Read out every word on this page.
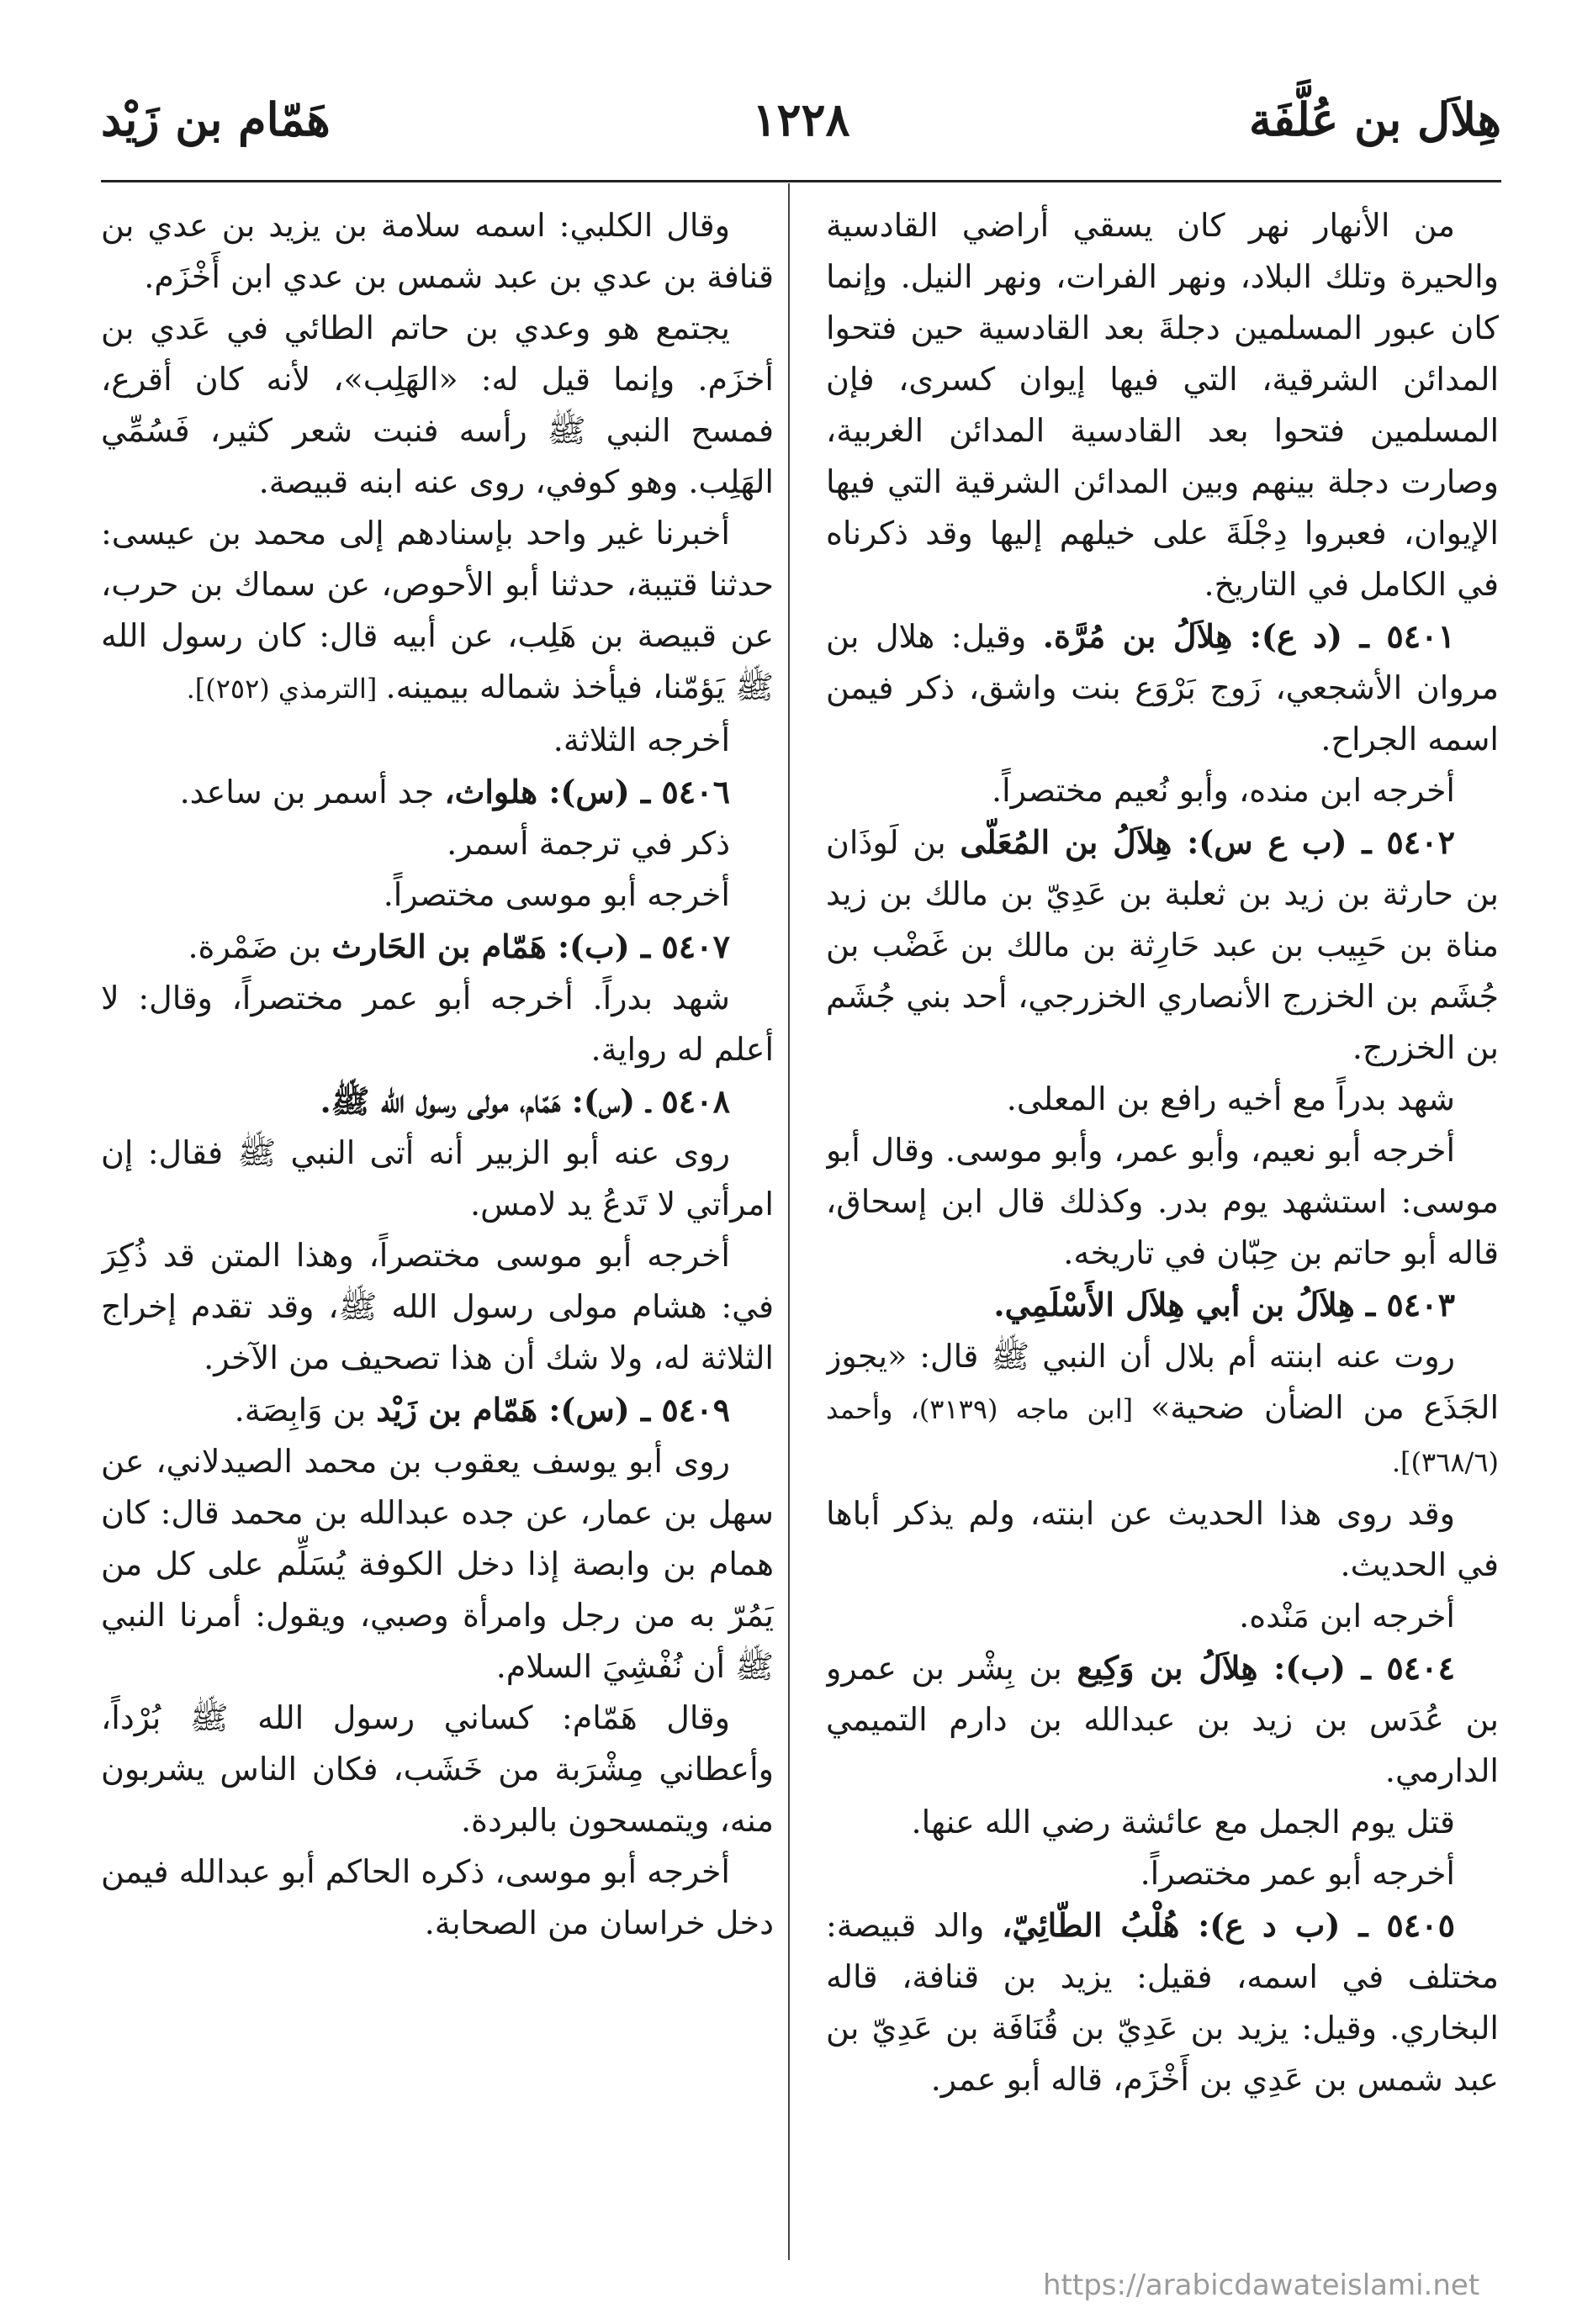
هِلاَل بن عُلَّفَة
١٢٢٨
هَمّام بن زَيْد

من الأنهار نهر كان يسقي أراضي القادسية والحيرة وتلك البلاد، ونهر الفرات، ونهر النيل. وإنما كان عبور المسلمين دجلةَ بعد القادسية حين فتحوا المدائن الشرقية، التي فيها إيوان كسرى، فإن المسلمين فتحوا بعد القادسية المدائن الغربية، وصارت دجلة بينهم وبين المدائن الشرقية التي فيها الإيوان، فعبروا دِجْلَةَ على خيلهم إليها وقد ذكرناه في الكامل في التاريخ.

٥٤٠١ ـ (د ع): هِلاَلُ بن مُرَّة. وقيل: هلال بن مروان الأشجعي، زَوج بَرْوَع بنت واشق، ذكر فيمن اسمه الجراح.

أخرجه ابن منده، وأبو نُعيم مختصراً.

٥٤٠٢ ـ (ب ع س): هِلاَلُ بن المُعَلّى بن لَوذَان بن حارثة بن زيد بن ثعلبة بن عَدِيّ بن مالك بن زيد مناة بن حَبِيب بن عبد حَارِثة بن مالك بن غَضْب بن جُشَم بن الخزرج الأنصاري الخزرجي، أحد بني جُشَم بن الخزرج.

شهد بدراً مع أخيه رافع بن المعلى.

أخرجه أبو نعيم، وأبو عمر، وأبو موسى. وقال أبو موسى: استشهد يوم بدر. وكذلك قال ابن إسحاق، قاله أبو حاتم بن حِبّان في تاريخه.

٥٤٠٣ ـ هِلاَلُ بن أبي هِلاَل الأَسْلَمِي.

روت عنه ابنته أم بلال أن النبي ﷺ قال: «يجوز الجَذَع من الضأن ضحية» [ابن ماجه (٣١٣٩)، وأحمد (٣٦٨/٦)].

وقد روى هذا الحديث عن ابنته، ولم يذكر أباها في الحديث.

أخرجه ابن مَنْده.

٥٤٠٤ ـ (ب): هِلاَلُ بن وَكِيع بن بِشْر بن عمرو بن عُدَس بن زيد بن عبدالله بن دارم التميمي الدارمي.

قتل يوم الجمل مع عائشة رضي الله عنها.

أخرجه أبو عمر مختصراً.

٥٤٠٥ ـ (ب د ع): هُلْبُ الطّائِيّ، والد قبيصة: مختلف في اسمه، فقيل: يزيد بن قنافة، قاله البخاري. وقيل: يزيد بن عَدِيّ بن قُنَافَة بن عَدِيّ بن عبد شمس بن عَدِي بن أَخْزَم، قاله أبو عمر.

وقال الكلبي: اسمه سلامة بن يزيد بن عدي بن قنافة بن عدي بن عبد شمس بن عدي ابن أَخْزَم.

يجتمع هو وعدي بن حاتم الطائي في عَدي بن أخزَم. وإنما قيل له: «الهَلِب»، لأنه كان أقرع، فمسح النبي ﷺ رأسه فنبت شعر كثير، فَسُمِّي الهَلِب. وهو كوفي، روى عنه ابنه قبيصة.

أخبرنا غير واحد بإسنادهم إلى محمد بن عيسى: حدثنا قتيبة، حدثنا أبو الأحوص، عن سماك بن حرب، عن قبيصة بن هَلِب، عن أبيه قال: كان رسول الله ﷺ يَؤمّنا، فيأخذ شماله بيمينه. [الترمذي (٢٥٢)].

أخرجه الثلاثة.

٥٤٠٦ ـ (س): هلواث، جد أسمر بن ساعد.

ذكر في ترجمة أسمر.

أخرجه أبو موسى مختصراً.

٥٤٠٧ ـ (ب): هَمّام بن الحَارث بن ضَمْرة.

شهد بدراً. أخرجه أبو عمر مختصراً، وقال: لا أعلم له رواية.

٥٤٠٨ ـ (س): هَمّام، مولى رسول الله ﷺ.

روى عنه أبو الزبير أنه أتى النبي ﷺ فقال: إن امرأتي لا تَدعُ يد لامس.

أخرجه أبو موسى مختصراً، وهذا المتن قد ذُكِرَ في: هشام مولى رسول الله ﷺ، وقد تقدم إخراج الثلاثة له، ولا شك أن هذا تصحيف من الآخر.

٥٤٠٩ ـ (س): هَمّام بن زَيْد بن وَابِصَة.

روى أبو يوسف يعقوب بن محمد الصيدلاني، عن سهل بن عمار، عن جده عبدالله بن محمد قال: كان همام بن وابصة إذا دخل الكوفة يُسَلِّم على كل من يَمُرّ به من رجل وامرأة وصبي، ويقول: أمرنا النبي ﷺ أن نُفْشِيَ السلام.

وقال هَمّام: كساني رسول الله ﷺ بُرْداً، وأعطاني مِشْرَبة من خَشَب، فكان الناس يشربون منه، ويتمسحون بالبردة.

أخرجه أبو موسى، ذكره الحاكم أبو عبدالله فيمن دخل خراسان من الصحابة.

https://arabicdawateislami.net
